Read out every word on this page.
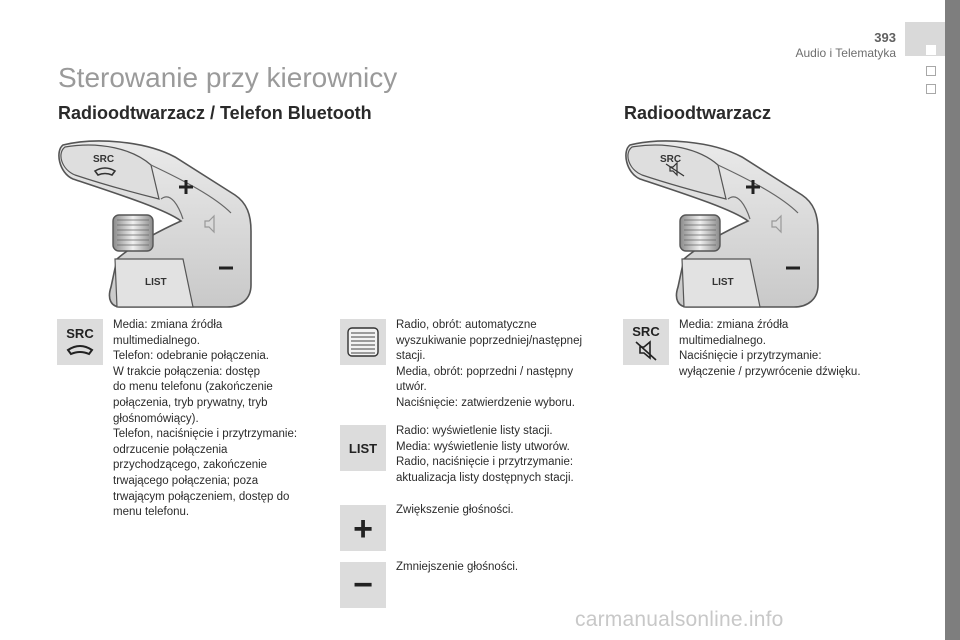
393
Audio i Telematyka
Sterowanie przy kierownicy
Radioodtwarzacz / Telefon Bluetooth	Radioodtwarzacz
SRC
LIST
SRC
LIST
SRC
Media: zmiana źródła
multimedialnego.
Telefon: odebranie połączenia.
W trakcie połączenia: dostęp
do menu telefonu (zakończenie
połączenia, tryb prywatny, tryb
głośnomówiący).
Telefon, naciśnięcie i przytrzymanie:
odrzucenie połączenia
przychodzącego, zakończenie
trwającego połączenia; poza
trwającym połączeniem, dostęp do
menu telefonu.
Radio, obrót: automatyczne
wyszukiwanie poprzedniej/następnej
stacji.
Media, obrót: poprzedni / następny
utwór.
Naciśnięcie: zatwierdzenie wyboru.
LIST
Radio: wyświetlenie listy stacji.
Media: wyświetlenie listy utworów.
Radio, naciśnięcie i przytrzymanie:
aktualizacja listy dostępnych stacji.
+ Zwiększenie głośności.
− Zmniejszenie głośności.
SRC Media: zmiana źródła
multimedialnego.
Naciśnięcie i przytrzymanie:
wyłączenie / przywrócenie dźwięku.
carmanualsonline.info
